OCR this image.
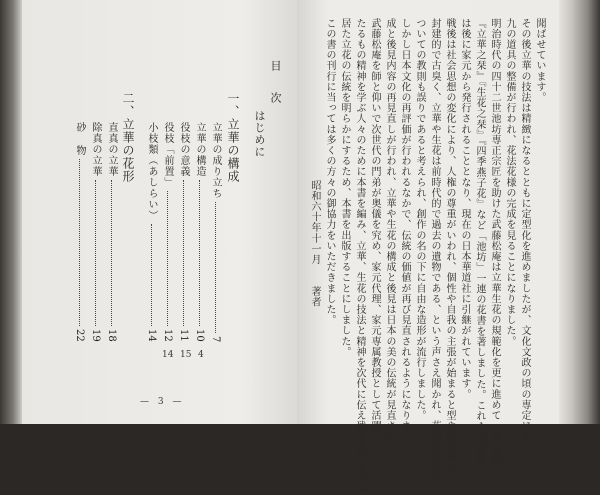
目 次
はじめに
一、立華の構成
立華の成り立ち
7
立華の構造
10
役枝の意義
11
役枝「前置」
12
小枝類（あしらい）
14
二、立華の花形
直真の立華
18
除真の立華
19
砂 物
22
— 3 —
14 15 4
聞ばせています。
その後立華の技法は精緻になるとともに定型化を進めましたが、文化文政の頃の専定に至って七
九の道具の整備が行われ、花法花様の完成を見ることになりました。
明治時代の四十二世池坊専正宗匠を助けた武藤松庵は立華生花の規範化を更に進めて『花心庭』
『立華之栞』『生花之栞』『四季燕子花』など「池坊」一連の花書を著しました。これらの花書
は後に家元から発行されることとなり、現在の日本華道社に引継がれています。
戦後は社会思想の変化により、人権の尊重がいわれ、個性や自我の主張が始まると型や約束事は
封建的で古臭く、立華や生花は前時代的で過去の遺物である、という声さえ聞かれ、花形や役枝に
ついての教則も誤りであると考えられ、創作の名の下に自由な造形が流行しました。
しかし日本文化の再評価が行われるなかで、伝統の価値が再び見直されるようになりました。
成と後見内容の再見直しが行われ、立華や生花の構成と後見は日本の美の伝統が見直され
武藤松庵を師と仰いで次世代の門弟が奥儀を究め、家元代理、家元専属教授として活躍、
たるもの精神を学ぶ人々のために本書を編み、立華、生花の技法と精神を次代に伝え残す責任を思い
居た立花の伝統を明らかにするため、本書を出版することにしました。
この書の刊行に当っては多くの方々の御協力をいただきました。
昭和六十年十一月　　著者
